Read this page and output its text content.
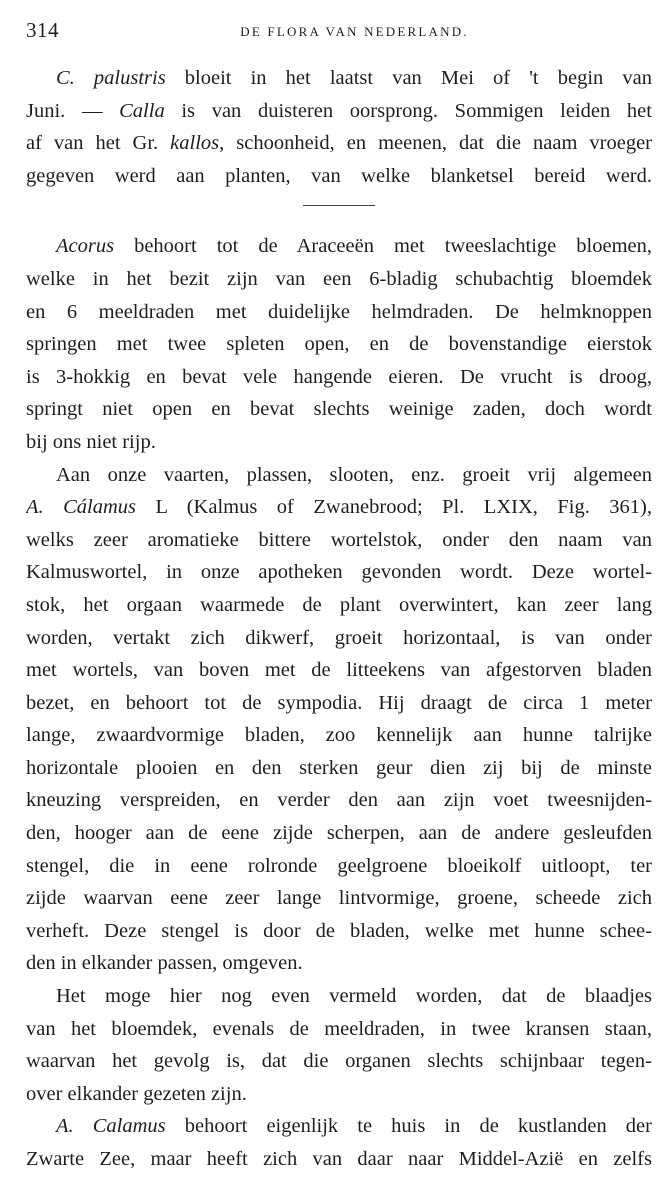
314	DE FLORA VAN NEDERLAND.
C. palustris bloeit in het laatst van Mei of 't begin van
Juni. — Calla is van duisteren oorsprong. Sommigen leiden het
af van het Gr. kallos, schoonheid, en meenen, dat die naam vroeger
gegeven werd aan planten, van welke blanketsel bereid werd.
Acorus behoort tot de Araceeën met tweeslachtige bloemen,
welke in het bezit zijn van een 6-bladig schubachtig bloemdek
en 6 meeldraden met duidelijke helmdraden. De helmknoppen
springen met twee spleten open, en de bovenstandige eierstok
is 3-hokkig en bevat vele hangende eieren. De vrucht is droog,
springt niet open en bevat slechts weinige zaden, doch wordt
bij ons niet rijp.
Aan onze vaarten, plassen, slooten, enz. groeit vrij algemeen
A. Cálamus L (Kalmus of Zwanebrood; Pl. LXIX, Fig. 361),
welks zeer aromatieke bittere wortelstok, onder den naam van
Kalmuswortel, in onze apotheken gevonden wordt. Deze wortel-
stok, het orgaan waarmede de plant overwintert, kan zeer lang
worden, vertakt zich dikwerf, groeit horizontaal, is van onder
met wortels, van boven met de litteekens van afgestorven bladen
bezet, en behoort tot de sympodia. Hij draagt de circa 1 meter
lange, zwaardvormige bladen, zoo kennelijk aan hunne talrijke
horizontale plooien en den sterken geur dien zij bij de minste
kneuzing verspreiden, en verder den aan zijn voet tweesnijden-
den, hooger aan de eene zijde scherpen, aan de andere gesleufden
stengel, die in eene rolronde geelgroene bloeikolf uitloopt, ter
zijde waarvan eene zeer lange lintvormige, groene, scheede zich
verheft. Deze stengel is door de bladen, welke met hunne schee-
den in elkander passen, omgeven.
Het moge hier nog even vermeld worden, dat de blaadjes
van het bloemdek, evenals de meeldraden, in twee kransen staan,
waarvan het gevolg is, dat die organen slechts schijnbaar tegen-
over elkander gezeten zijn.
A. Calamus behoort eigenlijk te huis in de kustlanden der
Zwarte Zee, maar heeft zich van daar naar Middel-Azië en zelfs
